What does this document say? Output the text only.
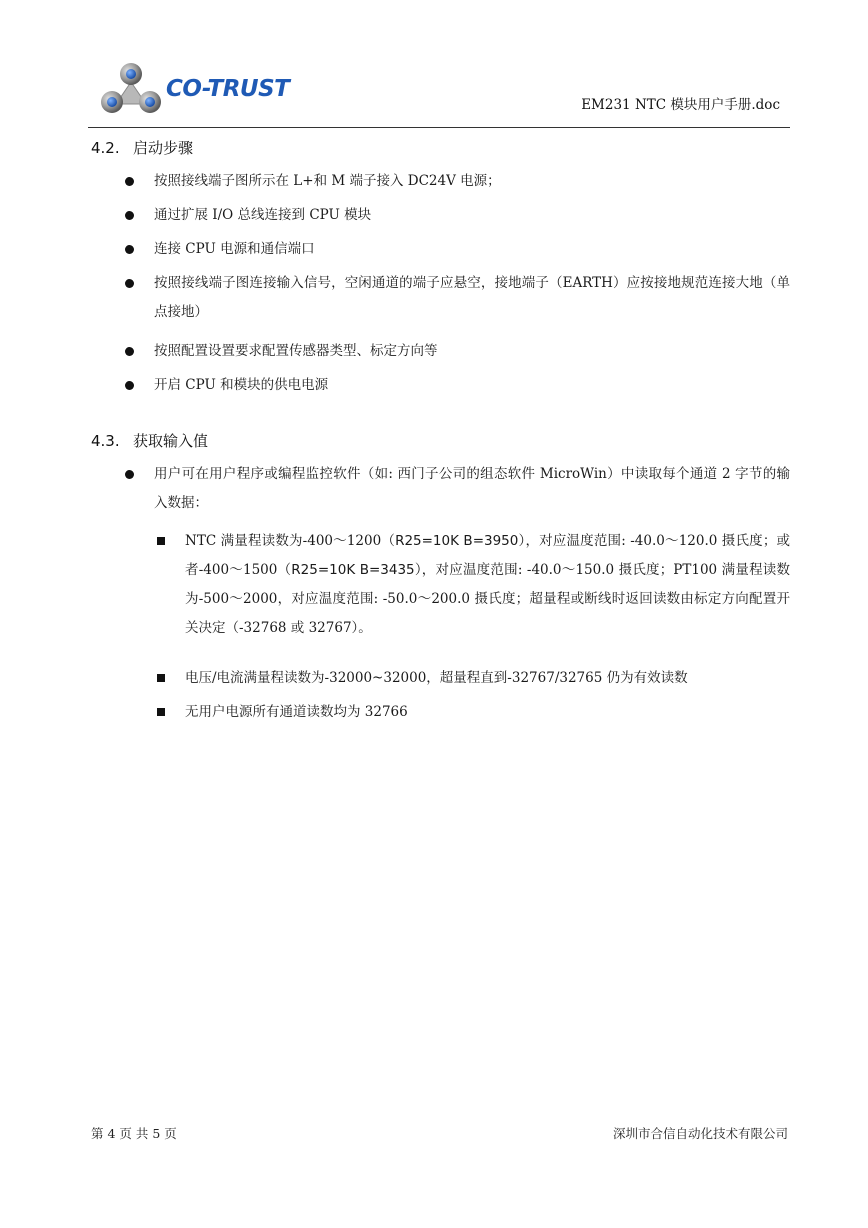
CO-TRUST
EM231 NTC 模块用户手册.doc
4.2. 启动步骤
按照接线端子图所示在 L+和 M 端子接入 DC24V 电源；
通过扩展 I/O 总线连接到 CPU 模块
连接 CPU 电源和通信端口
按照接线端子图连接输入信号，空闲通道的端子应悬空，接地端子（EARTH）应按接地规范连接大地（单点接地）
按照配置设置要求配置传感器类型、标定方向等
开启 CPU 和模块的供电电源
4.3. 获取输入值
用户可在用户程序或编程监控软件（如: 西门子公司的组态软件 MicroWin）中读取每个通道 2 字节的输入数据：
NTC 满量程读数为-400～1200（R25=10K B=3950），对应温度范围: -40.0～120.0 摄氏度；或者-400～1500（R25=10K B=3435），对应温度范围: -40.0～150.0 摄氏度；PT100 满量程读数为-500～2000，对应温度范围: -50.0～200.0 摄氏度；超量程或断线时返回读数由标定方向配置开关决定（-32768 或 32767）。
电压/电流满量程读数为-32000~32000，超量程直到-32767/32765 仍为有效读数
无用户电源所有通道读数均为 32766
第 4 页 共 5 页	深圳市合信自动化技术有限公司
